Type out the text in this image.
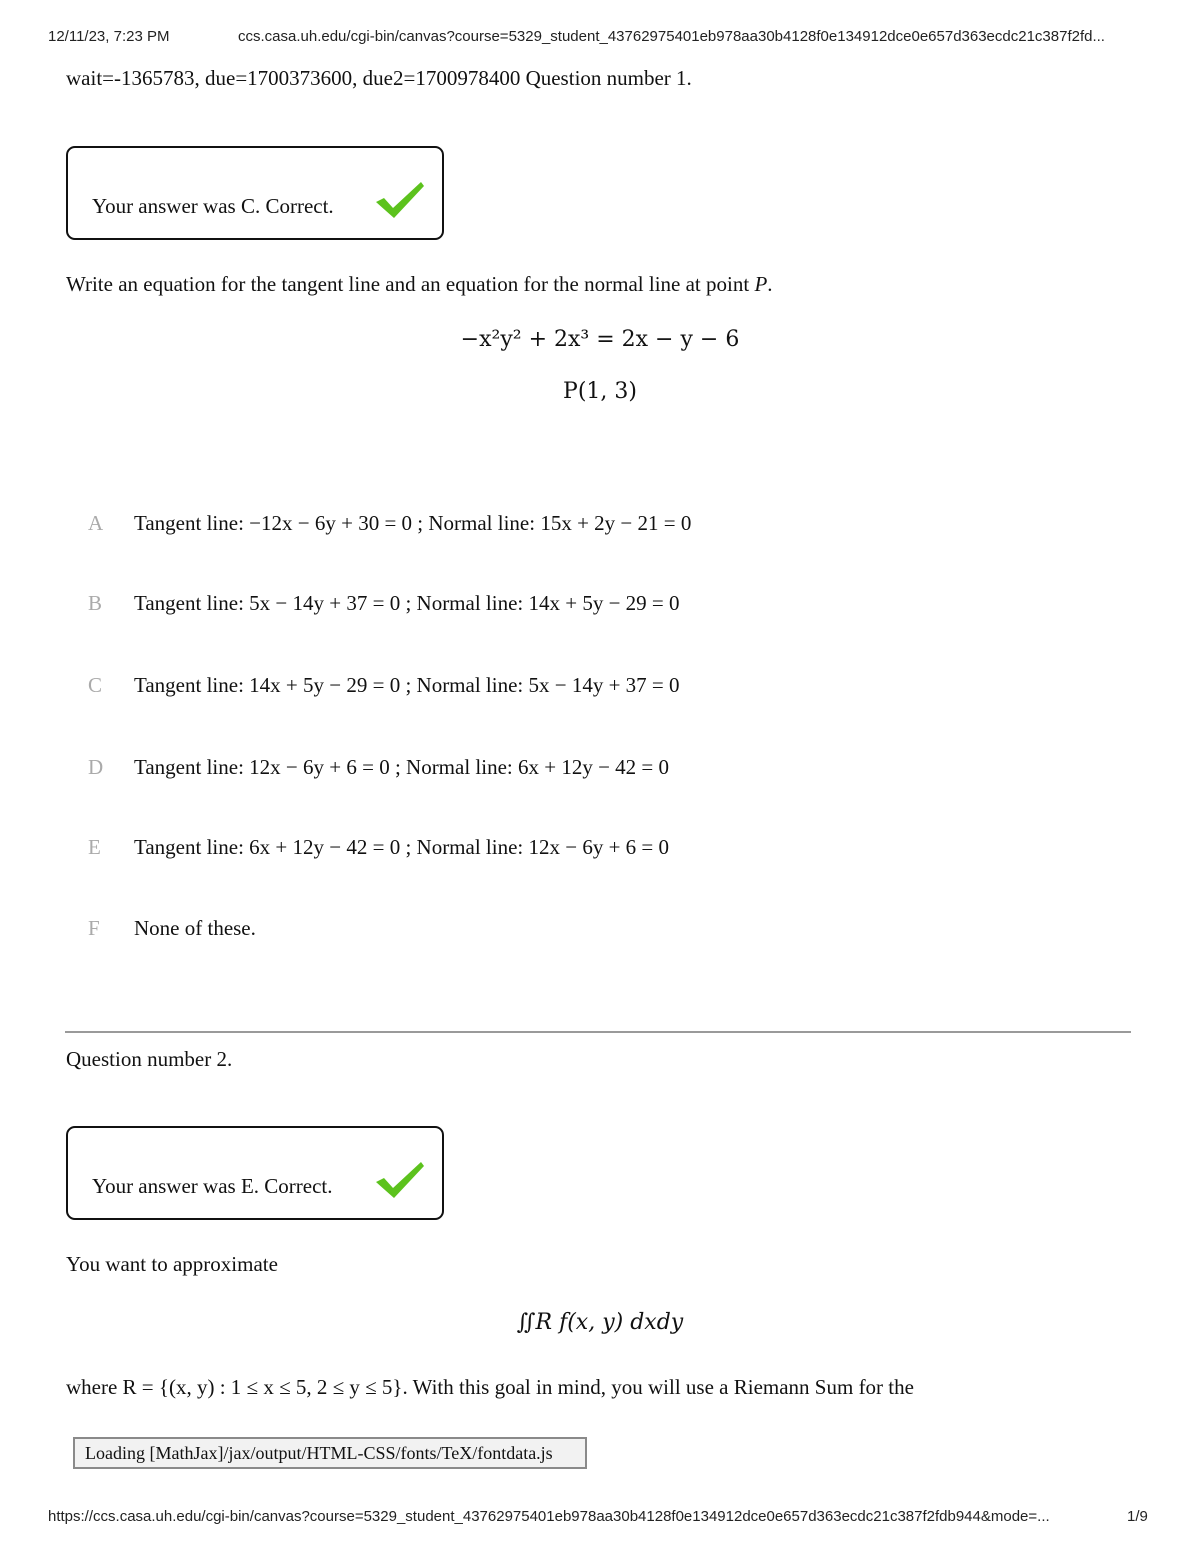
12/11/23, 7:23 PM	ccs.casa.uh.edu/cgi-bin/canvas?course=5329_student_43762975401eb978aa30b4128f0e134912dce0e657d363ecdc21c387f2fd...
wait=-1365783, due=1700373600, due2=1700978400 Question number 1.
Your answer was C. Correct.
Write an equation for the tangent line and an equation for the normal line at point P.
−x²y² + 2x³ = 2x − y − 6
P(1, 3)
A Tangent line: −12x − 6y + 30 = 0 ; Normal line: 15x + 2y − 21 = 0
B Tangent line: 5x − 14y + 37 = 0 ; Normal line: 14x + 5y − 29 = 0
C Tangent line: 14x + 5y − 29 = 0 ; Normal line: 5x − 14y + 37 = 0
D Tangent line: 12x − 6y + 6 = 0 ; Normal line: 6x + 12y − 42 = 0
E Tangent line: 6x + 12y − 42 = 0 ; Normal line: 12x − 6y + 6 = 0
F None of these.
Question number 2.
Your answer was E. Correct.
You want to approximate
∬R f(x, y) dxdy
where R = {(x, y) : 1 ≤ x ≤ 5, 2 ≤ y ≤ 5}. With this goal in mind, you will use a Riemann Sum for the
Loading [MathJax]/jax/output/HTML-CSS/fonts/TeX/fontdata.js
https://ccs.casa.uh.edu/cgi-bin/canvas?course=5329_student_43762975401eb978aa30b4128f0e134912dce0e657d363ecdc21c387f2fdb944&mode=...	1/9
